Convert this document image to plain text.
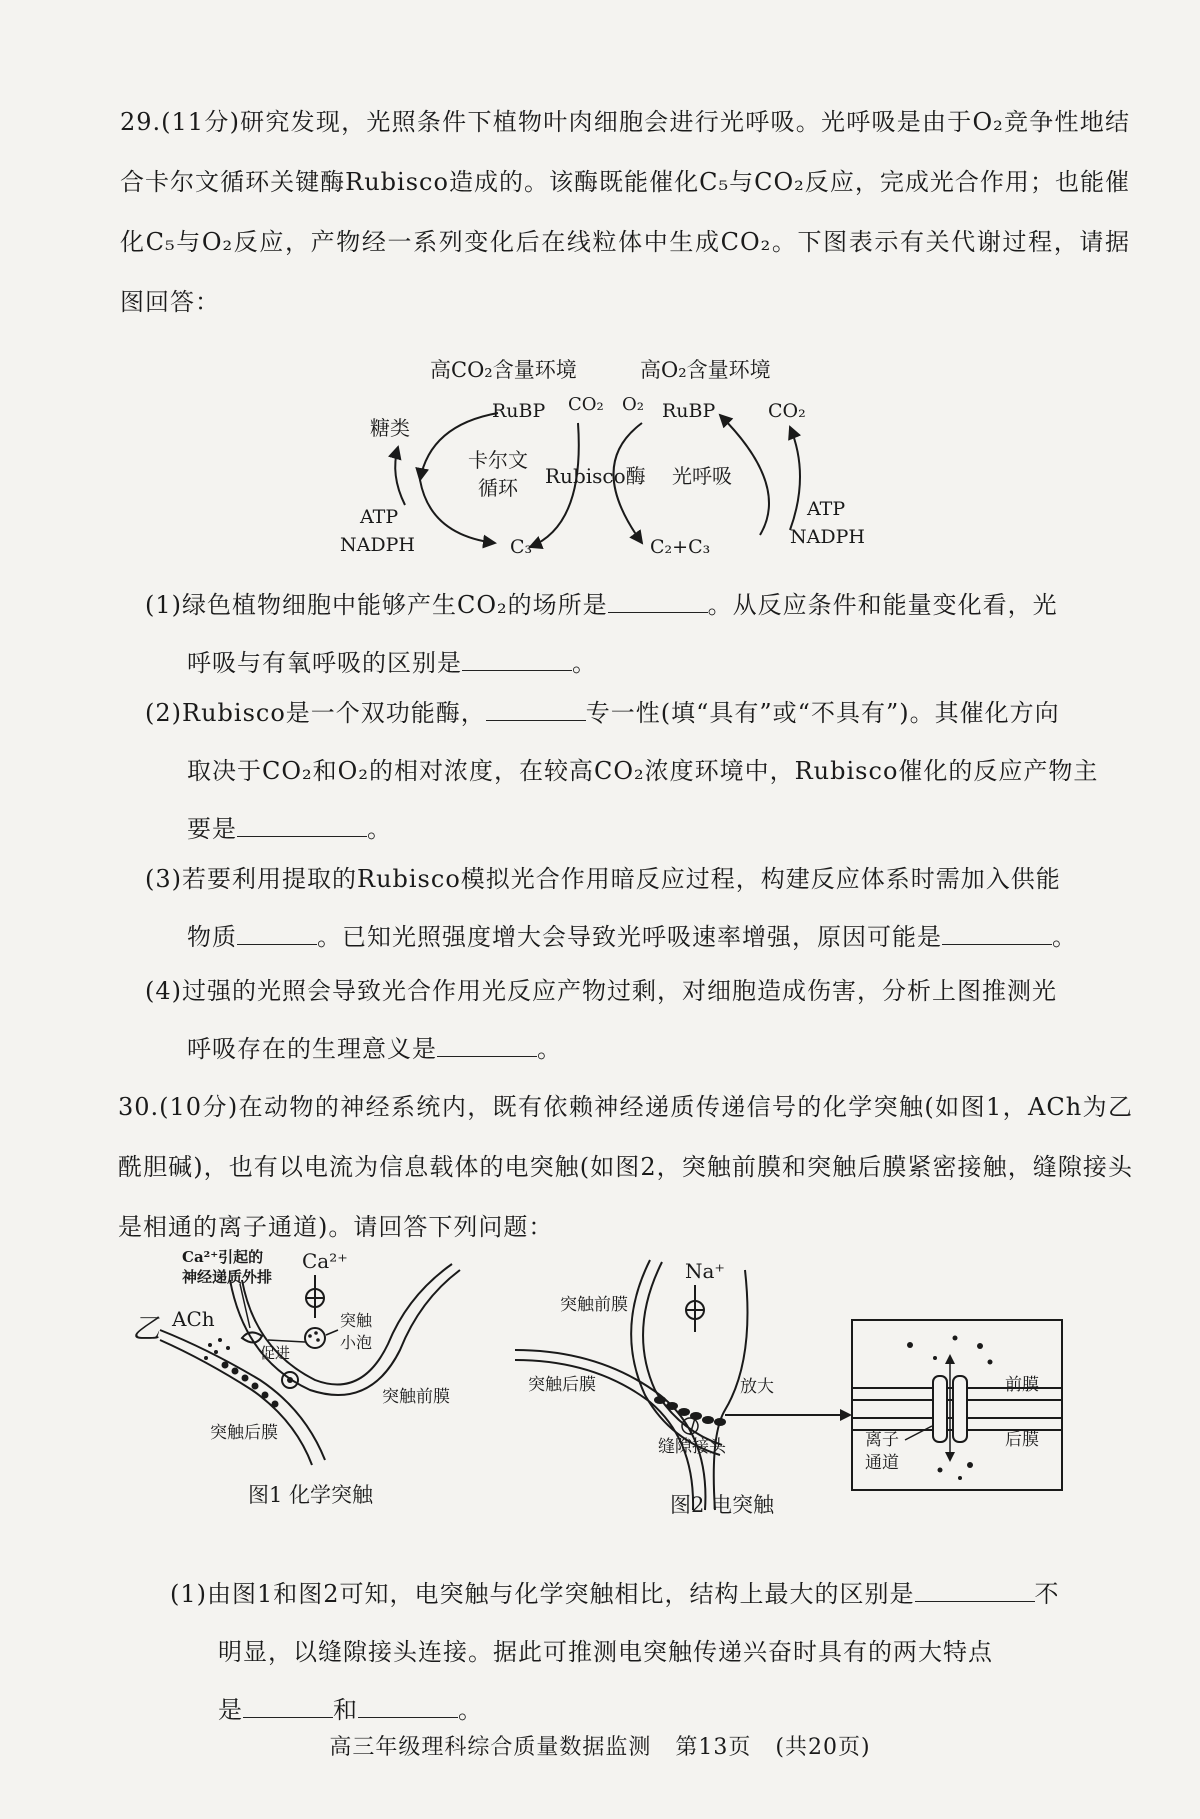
29.(11分)研究发现，光照条件下植物叶肉细胞会进行光呼吸。光呼吸是由于O₂竞争性地结合卡尔文循环关键酶Rubisco造成的。该酶既能催化C₅与CO₂反应，完成光合作用；也能催化C₅与O₂反应，产物经一系列变化后在线粒体中生成CO₂。下图表示有关代谢过程，请据图回答：
高CO₂含量环境	高O₂含量环境
RuBP CO₂ O₂ RuBP	CO₂
糖类
卡尔文
循环 Rubisco酶 光呼吸
ATP
NADPH	C₃	C₂+C₃
ATP
NADPH
(1)绿色植物细胞中能够产生CO₂的场所是	。从反应条件和能量变化看，光
呼吸与有氧呼吸的区别是	。
(2)Rubisco是一个双功能酶，	专一性(填“具有”或“不具有”)。其催化方向
取决于CO₂和O₂的相对浓度，在较高CO₂浓度环境中，Rubisco催化的反应产物主
要是	。
(3)若要利用提取的Rubisco模拟光合作用暗反应过程，构建反应体系时需加入供能
物质	。已知光照强度增大会导致光呼吸速率增强，原因可能是	。
(4)过强的光照会导致光合作用光反应产物过剩，对细胞造成伤害，分析上图推测光
呼吸存在的生理意义是	。
30.(10分)在动物的神经系统内，既有依赖神经递质传递信号的化学突触(如图1，ACh为乙酰胆碱)，也有以电流为信息载体的电突触(如图2，突触前膜和突触后膜紧密接触，缝隙接头是相通的离子通道)。请回答下列问题：
乙
Ca²⁺引起的
神经递质外排
Ca²⁺
ACh	突触
小泡
促进
突触前膜
突触后膜
图1 化学突触
Na⁺
突触前膜
突触后膜	放大
缝隙接头
前膜
后膜
离子
通道
图2 电突触
(1)由图1和图2可知，电突触与化学突触相比，结构上最大的区别是	不
明显，以缝隙接头连接。据此可推测电突触传递兴奋时具有的两大特点
是	和	。
高三年级理科综合质量数据监测 第13页 (共20页)
